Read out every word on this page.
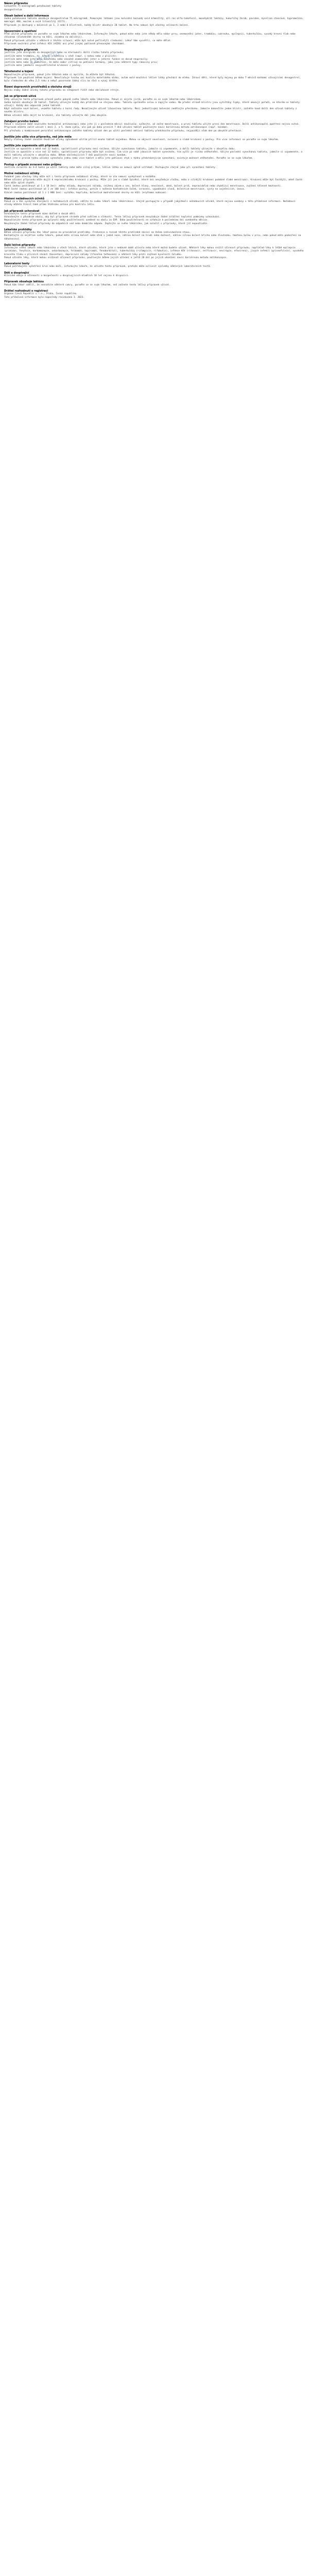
Lékárna
Název přípravku

Cerazette 75 mikrogramů potahované tablety

desogestrelum

Obsah balení a další informace

Jedna potahovaná tableta obsahuje desogestrelum 75 mikrogramů. Pomocnými látkami jsou koloidní bezvodý oxid křemičitý, all-rac-alfa-tokoferol, monohydrát laktózy, kukuřičný škrob, povidon, kyselina stearová, hypromelóza, makrogol 400, mastek a oxid titaničitý (E171).

Přípravek je dostupný v baleních po 1, 3 nebo 6 blistrech, každý blistr obsahuje 28 tablet. Na trhu nemusí být všechny velikosti balení.

Upozornění a opatření

Před užitím přípravku se poraďte se svým lékařem nebo lékárníkem. Informujte lékaře, pokud máte nebo jste někdy měla nádor prsu, onemocnění jater, trombózu, cukrovku, epilepsii, tuberkulózu, vysoký krevní tlak nebo chloasma (žlutohnědé skvrny na kůži, zejména na obličeji).

Pokud přípravek užíváte v některé z těchto situací, může být nutné pečlivější sledování. Lékař Vám vysvětlí, co máte dělat.

Přípravek nechrání před infekcí HIV (AIDS) ani před jinými pohlavně přenosnými chorobami.

Nepoužívejte přípravek

jestliže jste alergická na desogestrel nebo na kteroukoli další složku tohoto přípravku;

jestliže máte trombózu, tj. krevní sraženinu v cévě (např. v nohou nebo v plicích);

jestliže máte nebo jste měla žloutenku nebo závažné onemocnění jater a jaterní funkce se dosud neupravily;

jestliže máte nebo je podezření, že máte nádor citlivý na pohlavní hormony, jako jsou některé typy rakoviny prsu;

jestliže máte jakékoli nevysvětlitelné krvácení z pochvy.

Těhotenství a kojení

Nepoužívejte přípravek, pokud jste těhotná nebo si myslíte, že můžete být těhotná.

Přípravek lze používat během kojení. Neovlivňuje tvorbu ani kvalitu mateřského mléka, avšak malé množství léčivé látky přechází do mléka. Zdraví dětí, které byly kojeny po dobu 7 měsíců matkami užívajícími desogestrel, bylo sledováno do věku 2,5 roku a nebyl pozorován žádný vliv na růst a vývoj dítěte.

Řízení dopravních prostředků a obsluha strojů

Nejsou známy žádné účinky tohoto přípravku na schopnost řídit nebo obsluhovat stroje.

Jak se přípravek užívá

Vždy užívejte tento přípravek přesně podle pokynů svého lékaře nebo lékárníka. Pokud si nejste jistá, poraďte se se svým lékařem nebo lékárníkem.

Jedno balení obsahuje 28 tablet. Tablety užívejte každý den přibližně ve stejnou dobu. Tabletu spolkněte celou a zapijte vodou. Na přední straně blistru jsou vytištěny šipky, které ukazují pořadí, ve kterém se tablety užívají. Každý den odpovídá jedné tabletě.

Když začínáte nové balení, vezměte tabletu z horní řady. Nezačínejte užívat libovolnou tabletu. Mezi jednotlivými baleními nedělejte přestávku. Jakmile dokončíte jeden blistr, začněte hned další den užívat tablety z nového blistru.

Během užívání může dojít ke krvácení, ale tablety užívejte dál jako obvykle.

Zahájení prvního balení

Pokud v současné době neužíváte hormonální antikoncepci nebo jste ji v posledním měsíci neužívala: vyčkejte, až začne menstruace, a první tabletu užijte první den menstruace. Další antikoncepční opatření nejsou nutná.

Přípravek můžete začít užívat i mezi 2. a 5. dnem cyklu, ale pak po dobu prvních 7 dnů užívání tablet používejte navíc bariérovou metodu antikoncepce (např. kondom).

Při přechodu z kombinované perorální antikoncepce začněte tablety užívat den po užití poslední aktivní tablety předchozího přípravku, nejpozději však den po obvyklé přestávce.

Jestliže jste užila více přípravku, než jste měla

Nebyly hlášeny žádné závažné škodlivé účinky způsobené užitím příliš mnoha tablet najednou. Mohou se objevit nevolnost, zvracení a slabé krvácení z pochvy. Pro více informací se poraďte se svým lékařem.

Jestliže jste zapomněla užít přípravek

Jestliže se opozdíte o méně než 12 hodin, spolehlivost přípravku není snížena. Užijte vynechanou tabletu, jakmile si vzpomenete, a další tablety užívejte v obvyklou dobu.

Jestliže se opozdíte o více než 12 hodin, spolehlivost přípravku může být snížena. Čím více po sobě jdoucích tablet vynecháte, tím vyšší je riziko otěhotnění. Užijte poslední vynechanou tabletu, jakmile si vzpomenete, a další tablety užívejte v obvyklou dobu. Během následujících 7 dnů používejte navíc kondom.

Pokud jste v prvním týdnu užívání vynechala jednu nebo více tablet a měla jste pohlavní styk v týdnu předcházejícím vynechání, existuje možnost otěhotnění. Poraďte se se svým lékařem.

Postup v případě zvracení nebo průjmu

Jestliže zvracíte do 3–4 hodin po užití tablety nebo máte silný průjem, léčivá látka se nemusí úplně vstřebat. Postupujte stejně jako při vynechání tablety.

Možné nežádoucí účinky

Podobně jako všechny léky může mít i tento přípravek nežádoucí účinky, které se ale nemusí vyskytnout u každého.

Během užívání přípravku může dojít k nepravidelnému krvácení z pochvy. Může jít jen o slabé špinění, které ani nevyžaduje vložku, nebo o silnější krvácení podobné slabé menstruaci. Krvácení může být častější, méně časté nebo může úplně chybět.

Časté (mohou postihnout až 1 z 10 žen): změny nálady, depresivní nálada, snížený zájem o sex, bolest hlavy, nevolnost, akné, bolest prsů, nepravidelná nebo chybějící menstruace, zvýšení tělesné hmotnosti.

Méně časté (mohou postihnout až 1 ze 100 žen): infekce pochvy, potíže s nošením kontaktních čoček, zvracení, vypadávání vlasů, bolestivá menstruace, cysty na vaječnících, únava.

Vzácné (mohou postihnout až 1 z 1 000 žen): vyrážka, kopřivka, bolestivé modročervené skvrny na kůži (erythema nodosum).

Hlášení nežádoucích účinků

Pokud se u Vás vyskytne kterýkoli z nežádoucích účinků, sdělte to svému lékaři nebo lékárníkovi. Stejně postupujte v případě jakýchkoli nežádoucích účinků, které nejsou uvedeny v této příbalové informaci. Nežádoucí účinky můžete hlásit také přímo Státnímu ústavu pro kontrolu léčiv.

Jak přípravek uchovávat

Uchovávejte tento přípravek mimo dohled a dosah dětí.

Uchovávejte v původním obalu, aby byl přípravek chráněn před světlem a vlhkostí. Tento léčivý přípravek nevyžaduje žádné zvláštní teplotní podmínky uchovávání.

Nepoužívejte tento přípravek po uplynutí doby použitelnosti uvedené na obalu za EXP. Doba použitelnosti se vztahuje k poslednímu dni uvedeného měsíce.

Nevyhazujte žádné léčivé přípravky do odpadních vod nebo domácího odpadu. Zeptejte se svého lékárníka, jak naložit s přípravky, které již nepoužíváte.

Lékařské prohlídky

Během užívání přípravku Vás lékař pozve na pravidelné prohlídky. Frekvence a rozsah těchto prohlídek závisí na Vašem individuálním stavu.

Kontaktujte co nejdříve svého lékaře, pokud máte silnou bolest nebo otok v jedné noze, náhlou bolest na hrudi nebo dušnost, náhlou silnou bolest břicha nebo žloutenku, hmatnou bulku v prsu, nebo pokud máte podezření na těhotenství.

Další léčivé přípravky

Informujte svého lékaře nebo lékárníka o všech lécích, které užíváte, které jste v nedávné době užívala nebo které možná budete užívat. Některé léky mohou snížit účinnost přípravku, například léky k léčbě epilepsie (primidon, fenytoin, karbamazepin, oxkarbazepin, felbamát, topiramát, fenobarbital), tuberkulózy (rifampicin, rifabutin), infekce HIV (ritonavir, nelfinavir, nevirapin, efavirenz), jiných infekcí (griseofulvin), vysokého krevního tlaku v plicních cévách (bosentan), depresivní nálady (třezalka tečkovaná) a některé léky proti zvýšené kyselosti žaludku.

Pokud užíváte léky, které mohou snižovat účinnost přípravku, používejte během jejich užívání a ještě 28 dní po jejich ukončení navíc bariérovou metodu antikoncepce.

Laboratorní testy

Pokud potřebujete vyšetření krve nebo moči, informujte lékaře, že užíváte tento přípravek, protože může ovlivnit výsledky některých laboratorních testů.

Děti a dospívající

Klinické údaje o účinnosti a bezpečnosti u dospívajících mladších 18 let nejsou k dispozici.

Přípravek obsahuje laktózu

Pokud Vám lékař sdělil, že nesnášíte některé cukry, poraďte se se svým lékařem, než začnete tento léčivý přípravek užívat.

Držitel rozhodnutí o registraci

Organon Czech Republic s.r.o., Praha, Česká republika

Tato příbalová informace byla naposledy revidována 3. 2023.
